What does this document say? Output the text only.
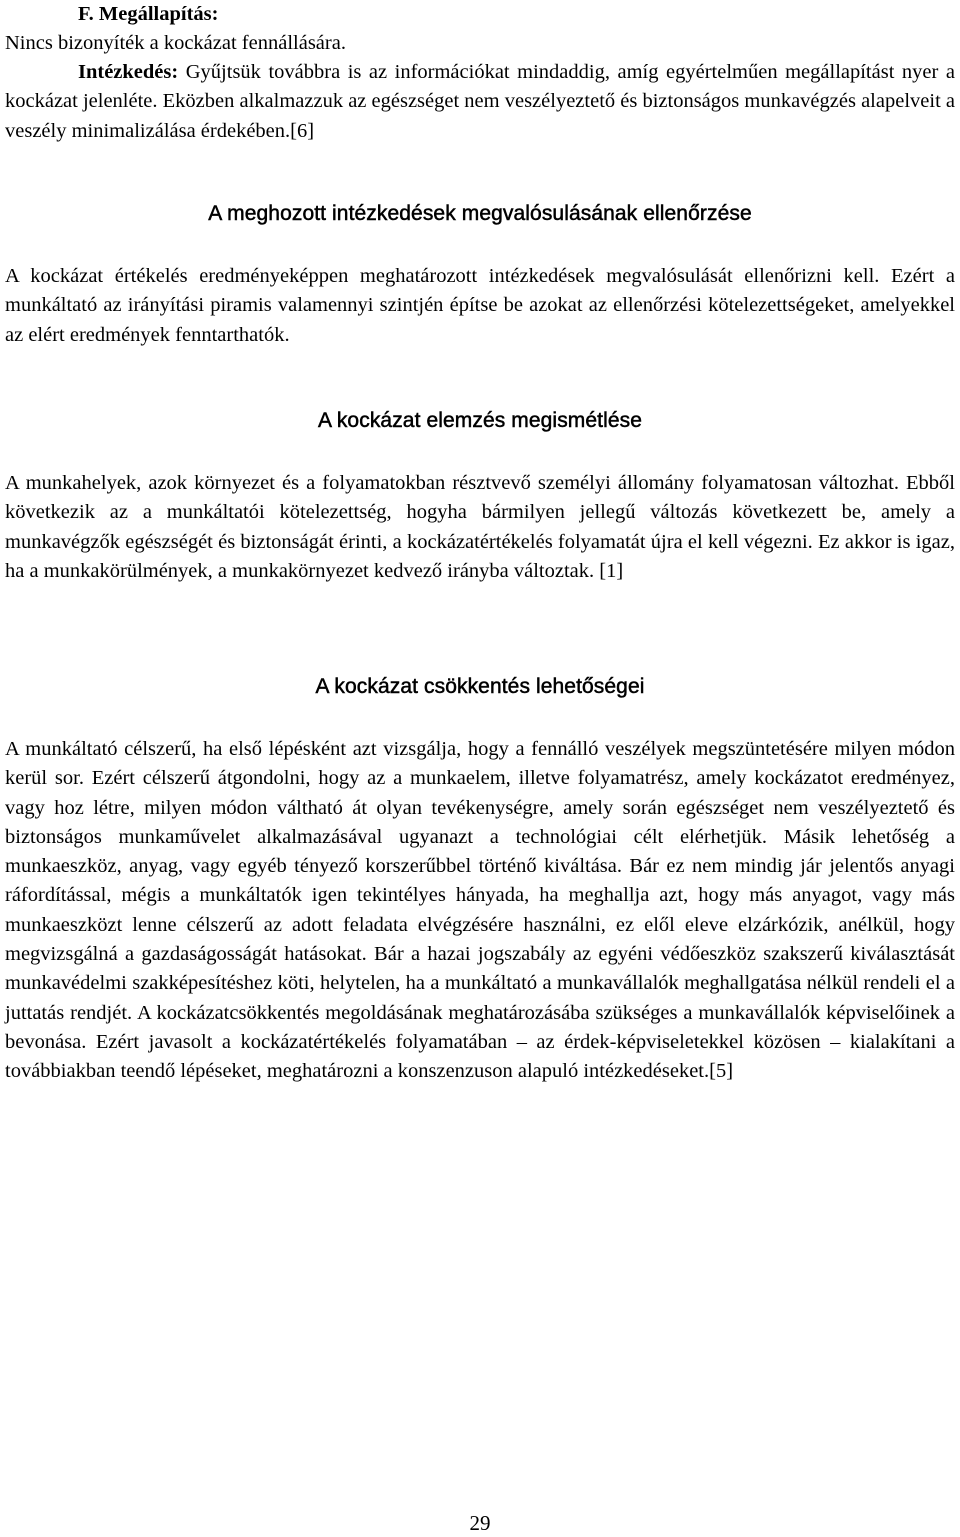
F. Megállapítás:
Nincs bizonyíték a kockázat fennállására.
Intézkedés: Gyűjtsük továbbra is az információkat mindaddig, amíg egyértelműen megállapítást nyer a kockázat jelenléte. Eközben alkalmazzuk az egészséget nem veszélyeztető és biztonságos munkavégzés alapelveit a veszély minimalizálása érdekében.[6]
A meghozott intézkedések megvalósulásának ellenőrzése
A kockázat értékelés eredményeképpen meghatározott intézkedések megvalósulását ellenőrizni kell. Ezért a munkáltató az irányítási piramis valamennyi szintjén építse be azokat az ellenőrzési kötelezettségeket, amelyekkel az elért eredmények fenntarthatók.
A kockázat elemzés megismétlése
A munkahelyek, azok környezet és a folyamatokban résztvevő személyi állomány folyamatosan változhat. Ebből következik az a munkáltatói kötelezettség, hogyha bármilyen jellegű változás következett be, amely a munkavégzők egészségét és biztonságát érinti, a kockázatértékelés folyamatát újra el kell végezni. Ez akkor is igaz, ha a munkakörülmények, a munkakörnyezet kedvező irányba változtak. [1]
A kockázat csökkentés lehetőségei
A munkáltató célszerű, ha első lépésként azt vizsgálja, hogy a fennálló veszélyek megszüntetésére milyen módon kerül sor. Ezért célszerű átgondolni, hogy az a munkaelem, illetve folyamatrész, amely kockázatot eredményez, vagy hoz létre, milyen módon váltható át olyan tevékenységre, amely során egészséget nem veszélyeztető és biztonságos munkaművelet alkalmazásával ugyanazt a technológiai célt elérhetjük. Másik lehetőség a munkaeszköz, anyag, vagy egyéb tényező korszerűbbel történő kiváltása. Bár ez nem mindig jár jelentős anyagi ráfordítással, mégis a munkáltatók igen tekintélyes hányada, ha meghallja azt, hogy más anyagot, vagy más munkaeszközt lenne célszerű az adott feladata elvégzésére használni, ez elől eleve elzárkózik, anélkül, hogy megvizsgálná a gazdaságosságát hatásokat. Bár a hazai jogszabály az egyéni védőeszköz szakszerű kiválasztását munkavédelmi szakképesítéshez köti, helytelen, ha a munkáltató a munkavállalók meghallgatása nélkül rendeli el a juttatás rendjét. A kockázatcsökkentés megoldásának meghatározásába szükséges a munkavállalók képviselőinek a bevonása. Ezért javasolt a kockázatértékelés folyamatában – az érdek-képviseletekkel közösen – kialakítani a továbbiakban teendő lépéseket, meghatározni a konszenzuson alapuló intézkedéseket.[5]
29
